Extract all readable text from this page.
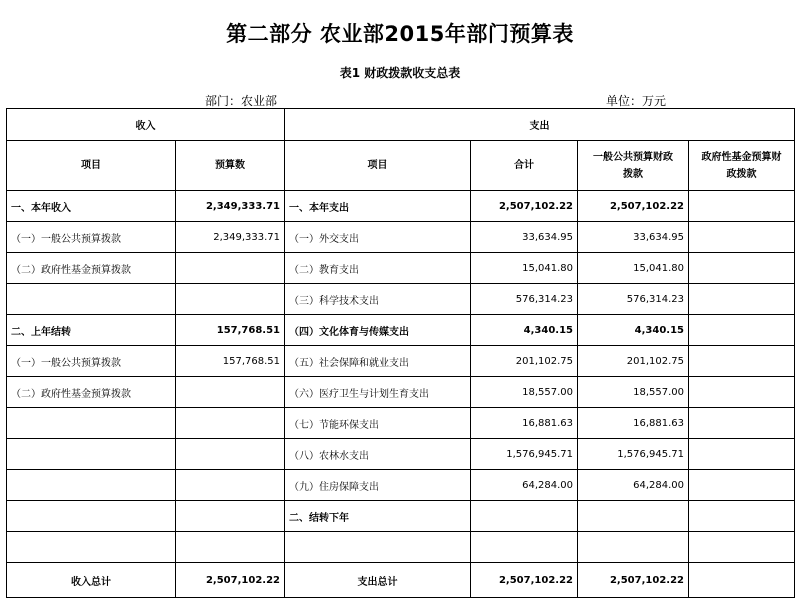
第二部分 农业部2015年部门预算表
表1 财政拨款收支总表
部门：农业部	单位：万元
收入		支出			
项目	预算数	项目	合计	一般公共预算财政拨款	政府性基金预算财政拨款
一、本年收入	2,349,333.71	一、本年支出	2,507,102.22	2,507,102.22	
（一）一般公共预算拨款	2,349,333.71	（一）外交支出	33,634.95	33,634.95	
（二）政府性基金预算拨款		（二）教育支出	15,041.80	15,041.80	
		（三）科学技术支出	576,314.23	576,314.23	
二、上年结转	157,768.51	（四）文化体育与传媒支出	4,340.15	4,340.15	
（一）一般公共预算拨款	157,768.51	（五）社会保障和就业支出	201,102.75	201,102.75	
（二）政府性基金预算拨款		（六）医疗卫生与计划生育支出	18,557.00	18,557.00	
		（七）节能环保支出	16,881.63	16,881.63	
		（八）农林水支出	1,576,945.71	1,576,945.71	
		（九）住房保障支出	64,284.00	64,284.00	
		二、结转下年			

收入总计	2,507,102.22	支出总计	2,507,102.22	2,507,102.22	
